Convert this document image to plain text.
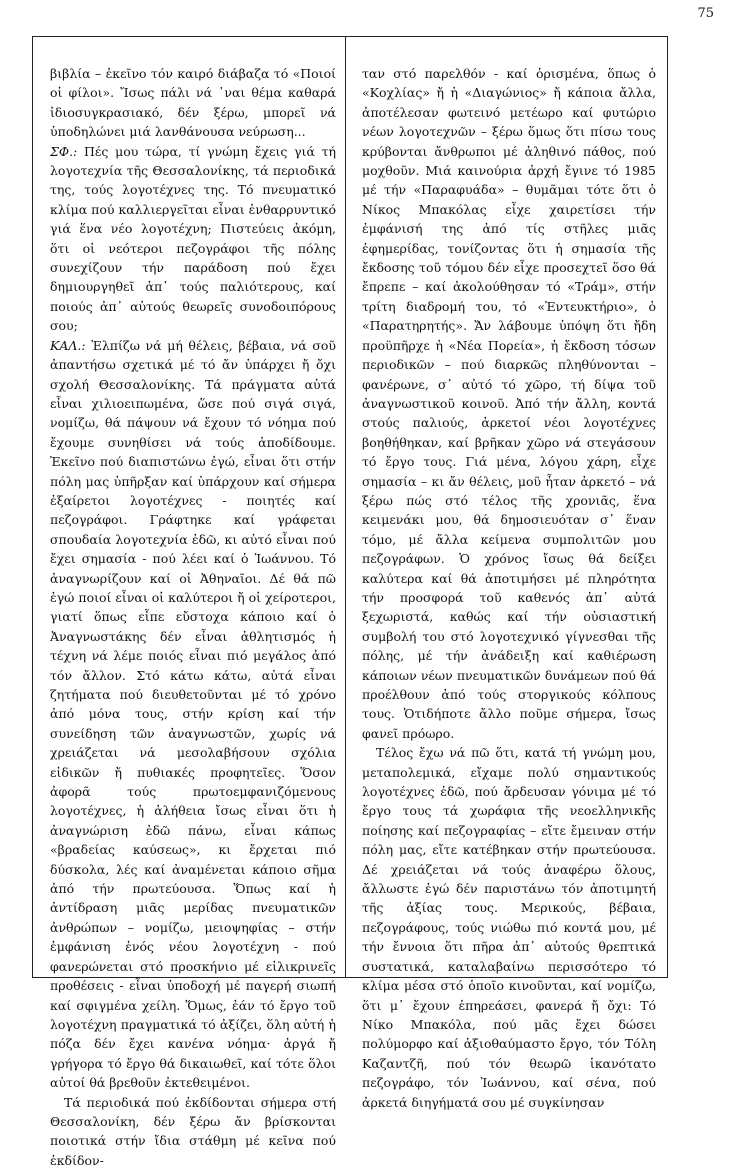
75

βιβλία – ἐκεῖνο τόν καιρό διάβαζα τό «Ποιοί οἱ φίλοι». Ἴσως πάλι νά ᾽ναι θέμα καθαρά ἰδιοσυγκρασιακό, δέν ξέρω, μπορεῖ νά ὑποδηλώνει μιά λανθάνουσα νεύρωση...

ΣΦ.: Πές μου τώρα, τί γνώμη ἔχεις γιά τή λογοτεχνία τῆς Θεσσαλονίκης, τά περιοδικά της, τούς λογοτέχνες της. Τό πνευματικό κλίμα πού καλλιεργεῖται εἶναι ἐνθαρρυντικό γιά ἕνα νέο λογοτέχνη; Πιστεύεις ἀκόμη, ὅτι οἱ νεότεροι πεζογράφοι τῆς πόλης συνεχίζουν τήν παράδοση πού ἔχει δημιουργηθεῖ ἀπ᾽ τούς παλιότερους, καί ποιούς ἀπ᾽ αὐτούς θεωρεῖς συνοδοιπόρους σου;

ΚΑΛ.: Ἐλπίζω νά μή θέλεις, βέβαια, νά σοῦ ἀπαντήσω σχετικά μέ τό ἄν ὑπάρχει ἤ ὄχι σχολή Θεσσαλονίκης. Τά πράγματα αὐτά εἶναι χιλιοειπωμένα, ὥσε πού σιγά σιγά, νομίζω, θά πάψουν νά ἔχουν τό νόημα πού ἔχουμε συνηθίσει νά τούς ἀποδίδουμε. Ἐκεῖνο πού διαπιστώνω ἐγώ, εἶναι ὅτι στήν πόλη μας ὑπῆρξαν καί ὑπάρχουν καί σήμερα ἐξαίρετοι λογοτέχνες - ποιητές καί πεζογράφοι. Γράφτηκε καί γράφεται σπουδαία λογοτεχνία ἐδῶ, κι αὐτό εἶναι πού ἔχει σημασία - πού λέει καί ὁ Ἰωάννου. Τό ἀναγνωρίζουν καί οἱ Ἀθηναῖοι. Δέ θά πῶ ἐγώ ποιοί εἶναι οἱ καλύτεροι ἤ οἱ χείροτεροι, γιατί ὅπως εἶπε εὔστοχα κάποιο καί ὁ Ἀναγνωστάκης δέν εἶναι ἀθλητισμός ἡ τέχνη νά λέμε ποιός εἶναι πιό μεγάλος ἀπό τόν ἄλλον. Στό κάτω κάτω, αὐτά εἶναι ζητήματα πού διευθετοῦνται μέ τό χρόνο ἀπό μόνα τους, στήν κρίση καί τήν συνείδηση τῶν ἀναγνωστῶν, χωρίς νά χρειάζεται νά μεσολαβήσουν σχόλια εἰδικῶν ἤ πυθιακές προφητεῖες. Ὅσον ἀφορᾶ τούς πρωτοεμφανιζόμενους λογοτέχνες, ἡ ἀλήθεια ἴσως εἶναι ὅτι ἡ ἀναγνώριση ἐδῶ πάνω, εἶναι κάπως «βραδείας καύσεως», κι ἔρχεται πιό δύσκολα, λές καί ἀναμένεται κάποιο σῆμα ἀπό τήν πρωτεύουσα. Ὅπως καί ἡ ἀντίδραση μιᾶς μερίδας πνευματικῶν ἀνθρώπων – νομίζω, μειοψηφίας – στήν ἐμφάνιση ἑνός νέου λογοτέχνη - πού φανερώνεται στό προσκήνιο μέ εἰλικρινεῖς προθέσεις - εἶναι ὑποδοχή μέ παγερή σιωπή καί σφιγμένα χείλη. Ὅμως, ἐάν τό ἔργο τοῦ λογοτέχνη πραγματικά τό ἀξίζει, ὅλη αὐτή ἡ πόζα δέν ἔχει κανένα νόημα· ἀργά ἤ γρήγορα τό ἔργο θά δικαιωθεῖ, καί τότε ὅλοι αὐτοί θά βρεθοῦν ἐκτεθειμένοι.

Τά περιοδικά πού ἐκδίδονται σήμερα στή Θεσσαλονίκη, δέν ξέρω ἄν βρίσκονται ποιοτικά στήν ἴδια στάθμη μέ κεῖνα πού ἐκδίδον-

ταν στό παρελθόν - καί ὁρισμένα, ὅπως ὁ «Κοχλίας» ἤ ἡ «Διαγώνιος» ἤ κάποια ἄλλα, ἀποτέλεσαν φωτεινό μετέωρο καί φυτώριο νέων λογοτεχνῶν – ξέρω ὅμως ὅτι πίσω τους κρύβονται ἄνθρωποι μέ ἀληθινό πάθος, πού μοχθοῦν. Μιά καινούρια ἀρχή ἔγινε τό 1985 μέ τήν «Παραφυάδα» – θυμᾶμαι τότε ὅτι ὁ Νίκος Μπακόλας εἶχε χαιρετίσει τήν ἐμφάνισή της ἀπό τίς στῆλες μιᾶς ἐφημερίδας, τονίζοντας ὅτι ἡ σημασία τῆς ἔκδοσης τοῦ τόμου δέν εἶχε προσεχτεῖ ὅσο θά ἔπρεπε – καί ἀκολούθησαν τό «Τράμ», στήν τρίτη διαδρομή του, τό «Ἐντευκτήριο», ὁ «Παρατηρητής». Ἄν λάβουμε ὑπόψη ὅτι ἤδη προϋπῆρχε ἡ «Νέα Πορεία», ἡ ἔκδοση τόσων περιοδικῶν – πού διαρκῶς πληθύνονται – φανέρωνε, σ᾽ αὐτό τό χῶρο, τή δίψα τοῦ ἀναγνωστικοῦ κοινοῦ. Ἀπό τήν ἄλλη, κοντά στούς παλιούς, ἀρκετοί νέοι λογοτέχνες βοηθήθηκαν, καί βρῆκαν χῶρο νά στεγάσουν τό ἔργο τους. Γιά μένα, λόγου χάρη, εἶχε σημασία – κι ἄν θέλεις, μοῦ ἦταν ἀρκετό – νά ξέρω πώς στό τέλος τῆς χρονιᾶς, ἕνα κειμενάκι μου, θά δημοσιευόταν σ᾽ ἕναν τόμο, μέ ἄλλα κείμενα συμπολιτῶν μου πεζογράφων. Ὁ χρόνος ἴσως θά δείξει καλύτερα καί θά ἀποτιμήσει μέ πληρότητα τήν προσφορά τοῦ καθενός ἀπ᾽ αὐτά ξεχωριστά, καθώς καί τήν οὐσιαστική συμβολή του στό λογοτεχνικό γίγνεσθαι τῆς πόλης, μέ τήν ἀνάδειξη καί καθιέρωση κάποιων νέων πνευματικῶν δυνάμεων πού θά προέλθουν ἀπό τούς στοργικούς κόλπους τους. Ὁτιδήποτε ἄλλο ποῦμε σήμερα, ἴσως φανεῖ πρόωρο.

Τέλος ἔχω νά πῶ ὅτι, κατά τή γνώμη μου, μεταπολεμικά, εἴχαμε πολύ σημαντικούς λογοτέχνες ἐδῶ, πού ἄρδευσαν γόνιμα μέ τό ἔργο τους τά χωράφια τῆς νεοελληνικῆς ποίησης καί πεζογραφίας – εἴτε ἔμειναν στήν πόλη μας, εἴτε κατέβηκαν στήν πρωτεύουσα. Δέ χρειάζεται νά τούς ἀναφέρω ὅλους, ἄλλωστε ἐγώ δέν παριστάνω τόν ἀποτιμητή τῆς ἀξίας τους. Μερικούς, βέβαια, πεζογράφους, τούς νιώθω πιό κοντά μου, μέ τήν ἔννοια ὅτι πῆρα ἀπ᾽ αὐτούς θρεπτικά συστατικά, καταλαβαίνω περισσότερο τό κλίμα μέσα στό ὁποῖο κινοῦνται, καί νομίζω, ὅτι μ᾽ ἔχουν ἐπηρεάσει, φανερά ἤ ὄχι: Τό Νίκο Μπακόλα, πού μᾶς ἔχει δώσει πολύμορφο καί ἀξιοθαύμαστο ἔργο, τόν Τόλη Καζαντζῆ, πού τόν θεωρῶ ἱκανότατο πεζογράφο, τόν Ἰωάννου, καί σένα, πού ἀρκετά διηγήματά σου μέ συγκίνησαν
